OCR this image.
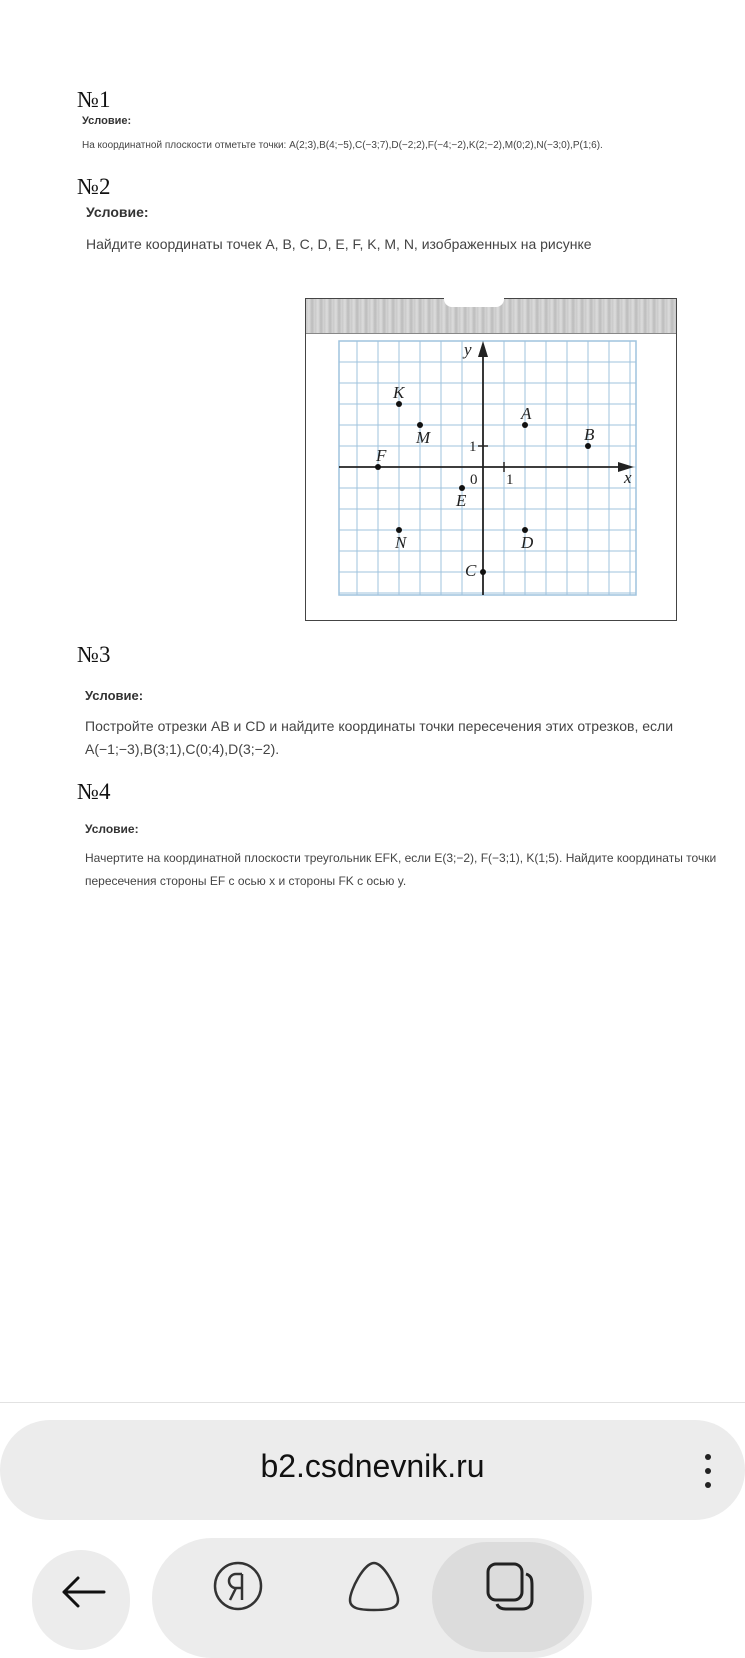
№1
Условие:
На координатной плоскости отметьте точки: A(2;3),B(4;−5),C(−3;7),D(−2;2),F(−4;−2),K(2;−2),M(0;2),N(−3;0),P(1;6).
№2
Условие:
Найдите координаты точек A, B, C, D, E, F, K, M, N, изображенных на рисунке
x
y
0 1
1
A
B
C
D
E
F
K
M
N
№3
Условие:
Постройте отрезки AB и CD и найдите координаты точки пересечения этих отрезков, если
A(−1;−3),B(3;1),C(0;4),D(3;−2).
№4
Условие:
Начертите на координатной плоскости треугольник EFK, если E(3;−2), F(−3;1), K(1;5). Найдите координаты точки
пересечения стороны EF с осью x и стороны FK с осью y.
b2.csdnevnik.ru
